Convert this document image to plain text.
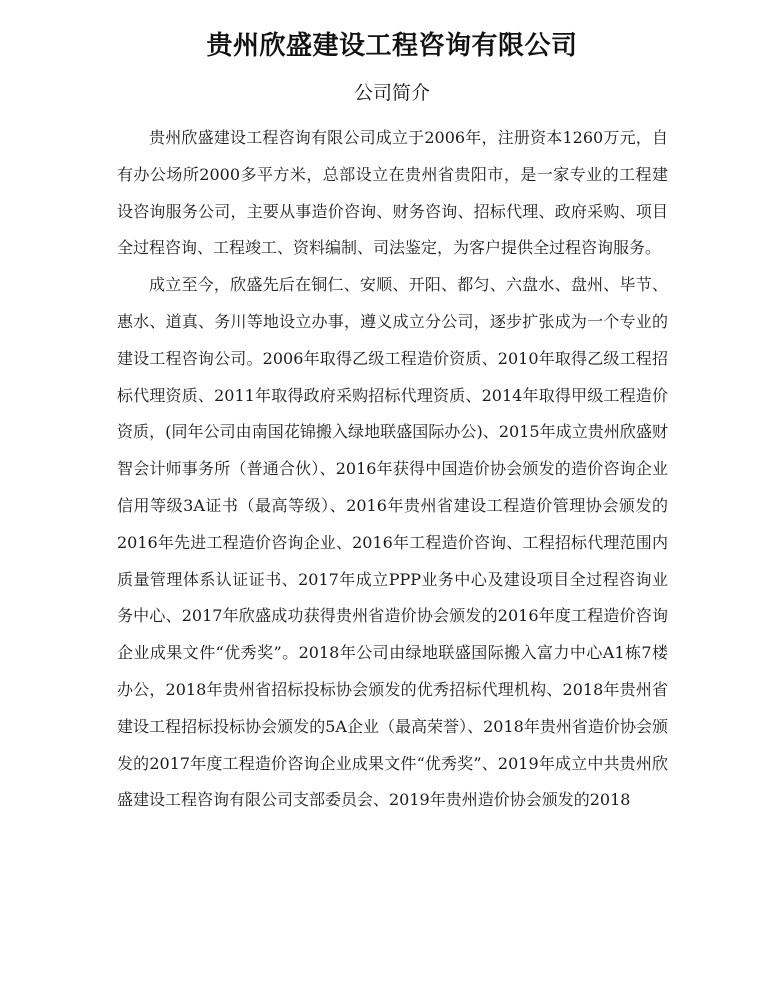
贵州欣盛建设工程咨询有限公司
公司简介

贵州欣盛建设工程咨询有限公司成立于2006年，注册资本1260万元，自有办公场所2000多平方米，总部设立在贵州省贵阳市，是一家专业的工程建设咨询服务公司，主要从事造价咨询、财务咨询、招标代理、政府采购、项目全过程咨询、工程竣工、资料编制、司法鉴定，为客户提供全过程咨询服务。

成立至今，欣盛先后在铜仁、安顺、开阳、都匀、六盘水、盘州、毕节、惠水、道真、务川等地设立办事，遵义成立分公司，逐步扩张成为一个专业的建设工程咨询公司。2006年取得乙级工程造价资质、2010年取得乙级工程招标代理资质、2011年取得政府采购招标代理资质、2014年取得甲级工程造价资质，(同年公司由南国花锦搬入绿地联盛国际办公)、2015年成立贵州欣盛财智会计师事务所（普通合伙）、2016年获得中国造价协会颁发的造价咨询企业信用等级3A证书（最高等级）、2016年贵州省建设工程造价管理协会颁发的2016年先进工程造价咨询企业、2016年工程造价咨询、工程招标代理范围内质量管理体系认证证书、2017年成立PPP业务中心及建设项目全过程咨询业务中心、2017年欣盛成功获得贵州省造价协会颁发的2016年度工程造价咨询企业成果文件“优秀奖”。2018年公司由绿地联盛国际搬入富力中心A1栋7楼办公，2018年贵州省招标投标协会颁发的优秀招标代理机构、2018年贵州省建设工程招标投标协会颁发的5A企业（最高荣誉）、2018年贵州省造价协会颁发的2017年度工程造价咨询企业成果文件“优秀奖”、2019年成立中共贵州欣盛建设工程咨询有限公司支部委员会、2019年贵州造价协会颁发的2018
